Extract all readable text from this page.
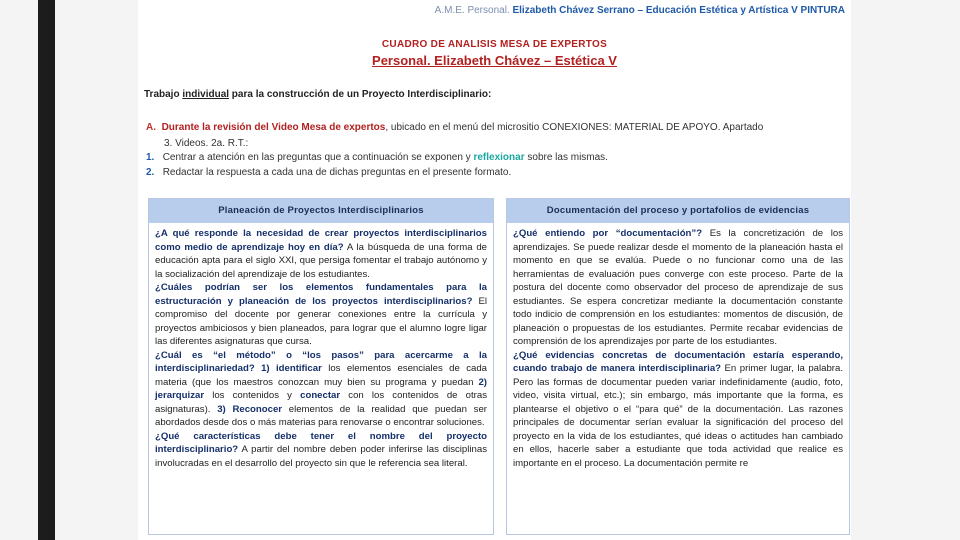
A.M.E. Personal. Elizabeth Chávez Serrano – Educación Estética y Artística V PINTURA
CUADRO DE ANALISIS MESA DE EXPERTOS
Personal. Elizabeth Chávez – Estética V
Trabajo individual para la construcción de un Proyecto Interdisciplinario:
A. Durante la revisión del Video Mesa de expertos, ubicado en el menú del micrositio CONEXIONES: MATERIAL DE APOYO. Apartado
3. Videos. 2a. R.T.:
1. Centrar a atención en las preguntas que a continuación se exponen y reflexionar sobre las mismas.
2. Redactar la respuesta a cada una de dichas preguntas en el presente formato.
Planeación de Proyectos Interdisciplinarios

¿A qué responde la necesidad de crear proyectos interdisciplinarios como medio de aprendizaje hoy en día? A la búsqueda de una forma de educación apta para el siglo XXI, que persiga fomentar el trabajo autónomo y la socialización del aprendizaje de los estudiantes.

¿Cuáles podrían ser los elementos fundamentales para la estructuración y planeación de los proyectos interdisciplinarios? El compromiso del docente por generar conexiones entre la currícula y proyectos ambiciosos y bien planeados, para lograr que el alumno logre ligar las diferentes asignaturas que cursa.

¿Cuál es “el método” o “los pasos” para acercarme a la interdisciplinariedad? 1) identificar los elementos esenciales de cada materia (que los maestros conozcan muy bien su programa y puedan 2) jerarquizar los contenidos y conectar con los contenidos de otras asignaturas). 3) Reconocer elementos de la realidad que puedan ser abordados desde dos o más materias para renovarse o encontrar soluciones.

¿Qué características debe tener el nombre del proyecto interdisciplinario? A partir del nombre deben poder inferirse las disciplinas involucradas en el desarrollo del proyecto sin que le referencia sea literal.

Documentación del proceso y portafolios de evidencias

¿Qué entiendo por “documentación”? Es la concretización de los aprendizajes. Se puede realizar desde el momento de la planeación hasta el momento en que se evalúa. Puede o no funcionar como una de las herramientas de evaluación pues converge con este proceso. Parte de la postura del docente como observador del proceso de aprendizaje de sus estudiantes. Se espera concretizar mediante la documentación constante todo indicio de comprensión en los estudiantes: momentos de discusión, de planeación o propuestas de los estudiantes. Permite recabar evidencias de comprensión de los aprendizajes por parte de los estudiantes.

¿Qué evidencias concretas de documentación estaría esperando, cuando trabajo de manera interdisciplinaria? En primer lugar, la palabra. Pero las formas de documentar pueden variar indefinidamente (audio, foto, video, visita virtual, etc.); sin embargo, más importante que la forma, es plantearse el objetivo o el “para qué” de la documentación. Las razones principales de documentar serían evaluar la significación del proceso del proyecto en la vida de los estudiantes, qué ideas o actitudes han cambiado en ellos, hacerle saber a estudiante que toda actividad que realice es importante en el proceso. La documentación permite re
